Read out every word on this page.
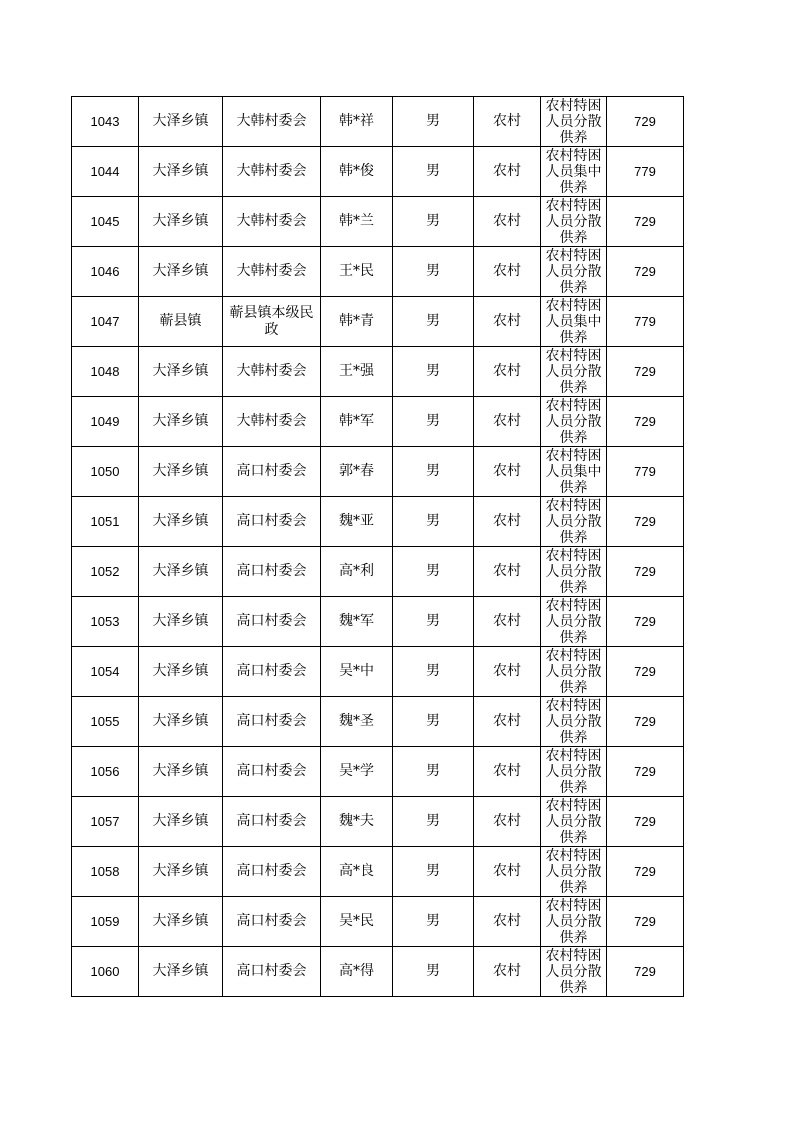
1043	大泽乡镇	大韩村委会	韩*祥	男	农村	农村特困人员分散供养	729
1044	大泽乡镇	大韩村委会	韩*俊	男	农村	农村特困人员集中供养	779
1045	大泽乡镇	大韩村委会	韩*兰	男	农村	农村特困人员分散供养	729
1046	大泽乡镇	大韩村委会	王*民	男	农村	农村特困人员分散供养	729
1047	蕲县镇	蕲县镇本级民政	韩*青	男	农村	农村特困人员集中供养	779
1048	大泽乡镇	大韩村委会	王*强	男	农村	农村特困人员分散供养	729
1049	大泽乡镇	大韩村委会	韩*军	男	农村	农村特困人员分散供养	729
1050	大泽乡镇	高口村委会	郭*春	男	农村	农村特困人员集中供养	779
1051	大泽乡镇	高口村委会	魏*亚	男	农村	农村特困人员分散供养	729
1052	大泽乡镇	高口村委会	高*利	男	农村	农村特困人员分散供养	729
1053	大泽乡镇	高口村委会	魏*军	男	农村	农村特困人员分散供养	729
1054	大泽乡镇	高口村委会	吴*中	男	农村	农村特困人员分散供养	729
1055	大泽乡镇	高口村委会	魏*圣	男	农村	农村特困人员分散供养	729
1056	大泽乡镇	高口村委会	吴*学	男	农村	农村特困人员分散供养	729
1057	大泽乡镇	高口村委会	魏*夫	男	农村	农村特困人员分散供养	729
1058	大泽乡镇	高口村委会	高*良	男	农村	农村特困人员分散供养	729
1059	大泽乡镇	高口村委会	吴*民	男	农村	农村特困人员分散供养	729
1060	大泽乡镇	高口村委会	高*得	男	农村	农村特困人员分散供养	729
